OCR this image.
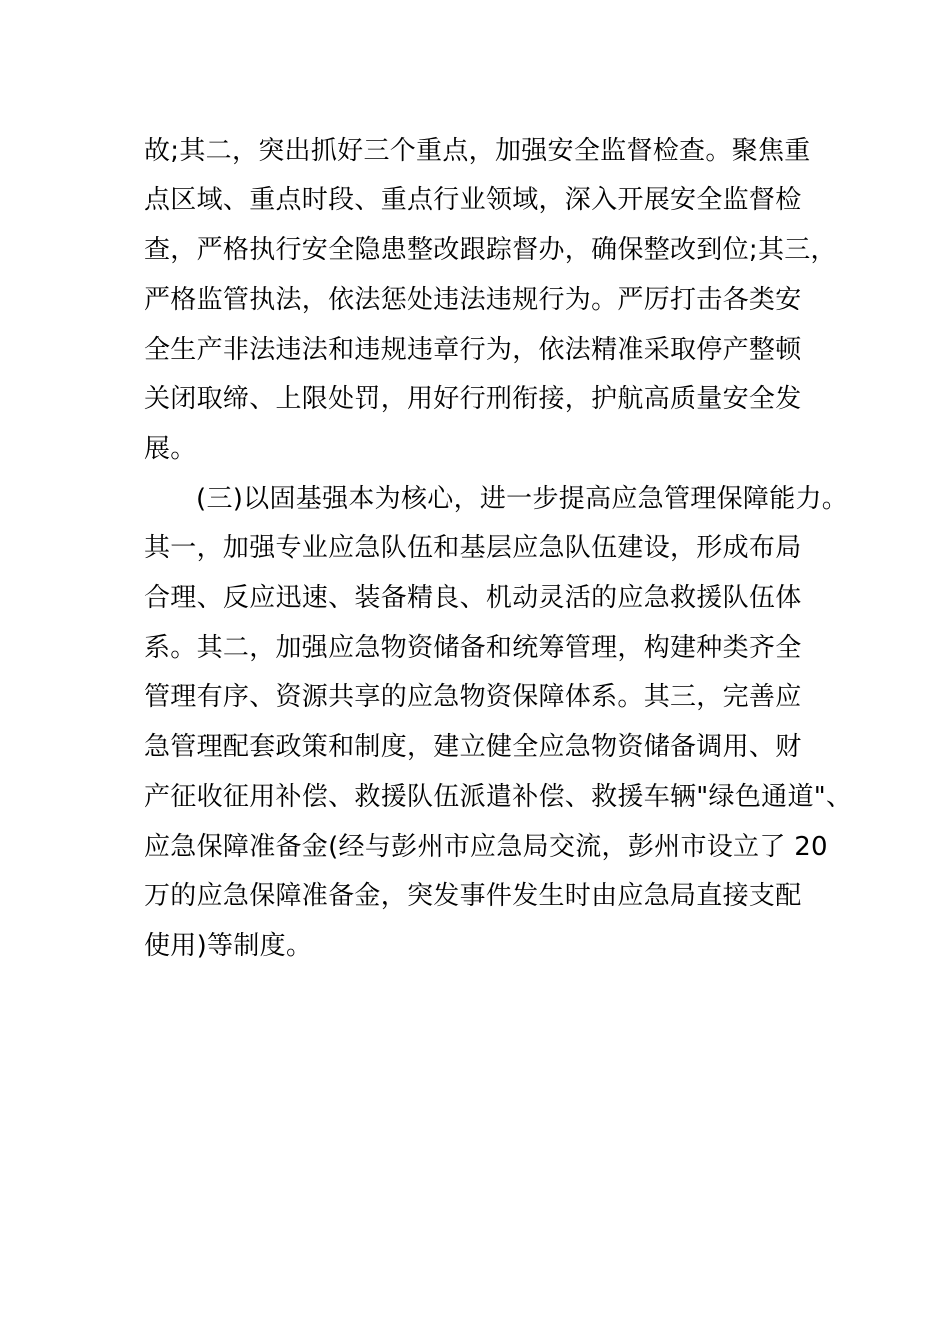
故;其二，突出抓好三个重点，加强安全监督检查。聚焦重
点区域、重点时段、重点行业领域，深入开展安全监督检
查，严格执行安全隐患整改跟踪督办，确保整改到位;其三，
严格监管执法，依法惩处违法违规行为。严厉打击各类安
全生产非法违法和违规违章行为，依法精准采取停产整顿
关闭取缔、上限处罚，用好行刑衔接，护航高质量安全发
展。
(三)以固基强本为核心，进一步提高应急管理保障能力。
其一，加强专业应急队伍和基层应急队伍建设，形成布局
合理、反应迅速、装备精良、机动灵活的应急救援队伍体
系。其二，加强应急物资储备和统筹管理，构建种类齐全
管理有序、资源共享的应急物资保障体系。其三，完善应
急管理配套政策和制度，建立健全应急物资储备调用、财
产征收征用补偿、救援队伍派遣补偿、救援车辆"绿色通道"、
应急保障准备金(经与彭州市应急局交流，彭州市设立了 20
万的应急保障准备金，突发事件发生时由应急局直接支配
使用)等制度。
